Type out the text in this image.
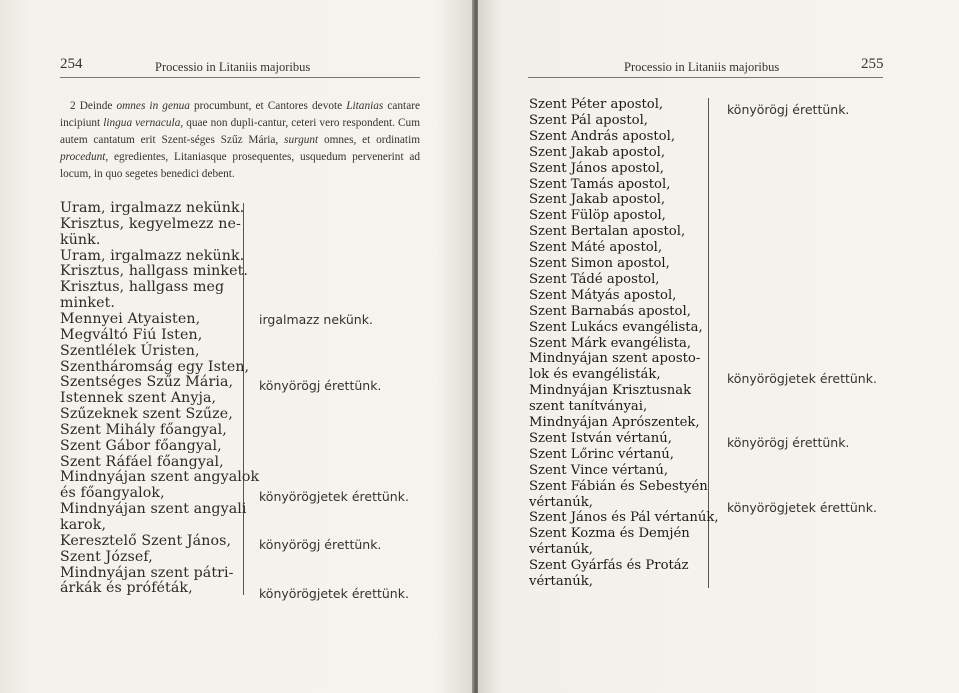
254	Processio in Litaniis majoribus

2 Deinde omnes in genua procumbunt, et Cantores devote Litanias cantare incipiunt lingua vernacula, quae non dupli-cantur, ceteri vero respondent. Cum autem cantatum erit Szent-séges Szűz Mária, surgunt omnes, et ordinatim procedunt, egredientes, Litaniasque prosequentes, usquedum pervenerint ad locum, in quo segetes benedici debent.

Uram, irgalmazz nekünk.
Krisztus, kegyelmezz ne-
künk.
Uram, irgalmazz nekünk.
Krisztus, hallgass minket.
Krisztus, hallgass meg
minket.
Mennyei Atyaisten,
Megváltó Fiú Isten,
Szentlélek Úristen,
Szentháromság egy Isten,
Szentséges Szűz Mária,
Istennek szent Anyja,
Szűzeknek szent Szűze,
Szent Mihály főangyal,
Szent Gábor főangyal,
Szent Ráfáel főangyal,
Mindnyájan szent angyalok
és főangyalok,
Mindnyájan szent angyali
karok,
Keresztelő Szent János,
Szent József,
Mindnyájan szent pátri-
árkák és próféták,
irgalmazz nekünk.
könyörögj érettünk.
könyörögjetek érettünk.
könyörögj érettünk.
könyörögjetek érettünk.
Processio in Litaniis majoribus	255
könyörögj érettünk.
könyörögjetek érettünk.
könyörögj érettünk.
könyörögjetek érettünk.
Szent Péter apostol,
Szent Pál apostol,
Szent András apostol,
Szent Jakab apostol,
Szent János apostol,
Szent Tamás apostol,
Szent Jakab apostol,
Szent Fülöp apostol,
Szent Bertalan apostol,
Szent Máté apostol,
Szent Simon apostol,
Szent Tádé apostol,
Szent Mátyás apostol,
Szent Barnabás apostol,
Szent Lukács evangélista,
Szent Márk evangélista,
Mindnyájan szent aposto-
lok és evangélisták,
Mindnyájan Krisztusnak
szent tanítványai,
Mindnyájan Aprószentek,
Szent István vértanú,
Szent Lőrinc vértanú,
Szent Vince vértanú,
Szent Fábián és Sebestyén
vértanúk,
Szent János és Pál vértanúk,
Szent Kozma és Demjén
vértanúk,
Szent Gyárfás és Protáz
vértanúk,
